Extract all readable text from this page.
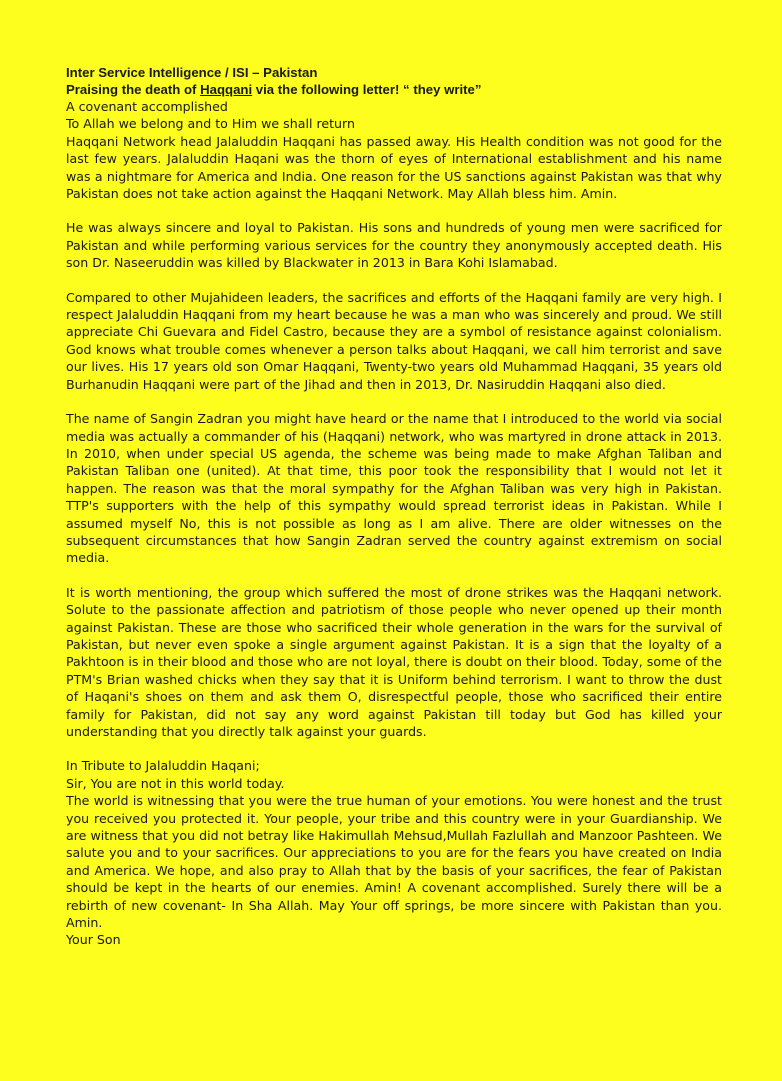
Inter Service Intelligence / ISI – Pakistan

Praising the death of Haqqani via the following letter! “ they write”

A covenant accomplished

To Allah we belong and to Him we shall return

Haqqani Network head Jalaluddin Haqqani has passed away. His Health condition was not good for the last few years. Jalaluddin Haqani was the thorn of eyes of International establishment and his name was a nightmare for America and India. One reason for the US sanctions against Pakistan was that why Pakistan does not take action against the Haqqani Network. May Allah bless him. Amin.

He was always sincere and loyal to Pakistan. His sons and hundreds of young men were sacrificed for Pakistan and while performing various services for the country they anonymously accepted death. His son Dr. Naseeruddin was killed by Blackwater in 2013 in Bara Kohi Islamabad.

Compared to other Mujahideen leaders, the sacrifices and efforts of the Haqqani family are very high. I respect Jalaluddin Haqqani from my heart because he was a man who was sincerely and proud. We still appreciate Chi Guevara and Fidel Castro, because they are a symbol of resistance against colonialism. God knows what trouble comes whenever a person talks about Haqqani, we call him terrorist and save our lives. His 17 years old son Omar Haqqani, Twenty-two years old Muhammad Haqqani, 35 years old Burhanudin Haqqani were part of the Jihad and then in 2013, Dr. Nasiruddin Haqqani also died.

The name of Sangin Zadran you might have heard or the name that I introduced to the world via social media was actually a commander of his (Haqqani) network, who was martyred in drone attack in 2013. In 2010, when under special US agenda, the scheme was being made to make Afghan Taliban and Pakistan Taliban one (united). At that time, this poor took the responsibility that I would not let it happen. The reason was that the moral sympathy for the Afghan Taliban was very high in Pakistan. TTP's supporters with the help of this sympathy would spread terrorist ideas in Pakistan. While I assumed myself No, this is not possible as long as I am alive. There are older witnesses on the subsequent circumstances that how Sangin Zadran served the country against extremism on social media.

It is worth mentioning, the group which suffered the most of drone strikes was the Haqqani network. Solute to the passionate affection and patriotism of those people who never opened up their month against Pakistan. These are those who sacrificed their whole generation in the wars for the survival of Pakistan, but never even spoke a single argument against Pakistan. It is a sign that the loyalty of a Pakhtoon is in their blood and those who are not loyal, there is doubt on their blood. Today, some of the PTM's Brian washed chicks when they say that it is Uniform behind terrorism. I want to throw the dust of Haqani's shoes on them and ask them O, disrespectful people, those who sacrificed their entire family for Pakistan, did not say any word against Pakistan till today but God has killed your understanding that you directly talk against your guards.

In Tribute to Jalaluddin Haqani;

Sir, You are not in this world today.

The world is witnessing that you were the true human of your emotions. You were honest and the trust you received you protected it. Your people, your tribe and this country were in your Guardianship. We are witness that you did not betray like Hakimullah Mehsud,Mullah Fazlullah and Manzoor Pashteen. We salute you and to your sacrifices. Our appreciations to you are for the fears you have created on India and America. We hope, and also pray to Allah that by the basis of your sacrifices, the fear of Pakistan should be kept in the hearts of our enemies. Amin! A covenant accomplished. Surely there will be a rebirth of new covenant- In Sha Allah. May Your off springs, be more sincere with Pakistan than you. Amin.

Your Son
